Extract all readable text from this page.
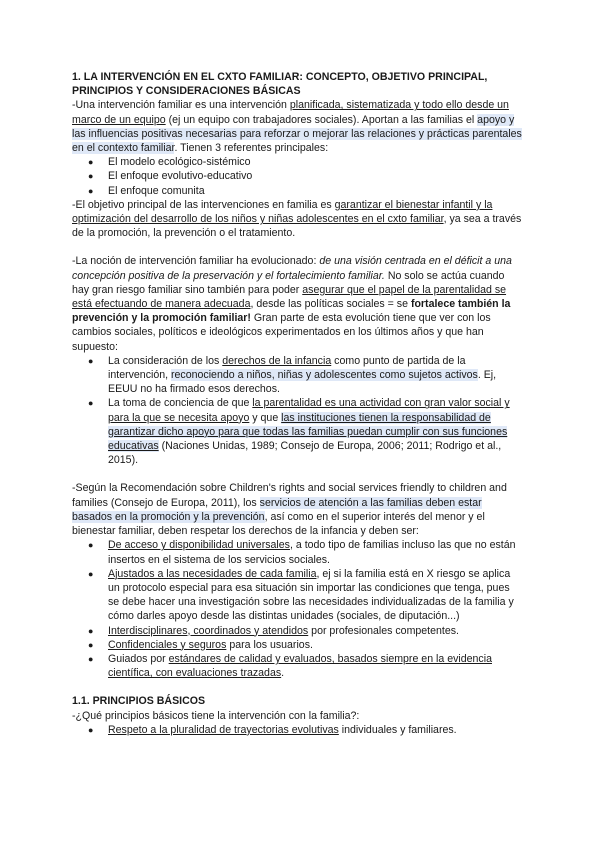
1. LA INTERVENCIÓN EN EL CXTO FAMILIAR: CONCEPTO, OBJETIVO PRINCIPAL,
PRINCIPIOS Y CONSIDERACIONES BÁSICAS

-Una intervención familiar es una intervención planificada, sistematizada y todo ello desde un marco de un equipo (ej un equipo con trabajadores sociales). Aportan a las familias el apoyo y las influencias positivas necesarias para reforzar o mejorar las relaciones y prácticas parentales en el contexto familiar. Tienen 3 referentes principales:

● El modelo ecológico-sistémico
● El enfoque evolutivo-educativo
● El enfoque comunita

-El objetivo principal de las intervenciones en familia es garantizar el bienestar infantil y la optimización del desarrollo de los niños y niñas adolescentes en el cxto familiar, ya sea a través de la promoción, la prevención o el tratamiento.

-La noción de intervención familiar ha evolucionado: de una visión centrada en el déficit a una concepción positiva de la preservación y el fortalecimiento familiar. No solo se actúa cuando hay gran riesgo familiar sino también para poder asegurar que el papel de la parentalidad se está efectuando de manera adecuada, desde las políticas sociales = se fortalece también la prevención y la promoción familiar! Gran parte de esta evolución tiene que ver con los cambios sociales, políticos e ideológicos experimentados en los últimos años y que han supuesto:

● La consideración de los derechos de la infancia como punto de partida de la intervención, reconociendo a niños, niñas y adolescentes como sujetos activos. Ej, EEUU no ha firmado esos derechos.
● La toma de conciencia de que la parentalidad es una actividad con gran valor social y para la que se necesita apoyo y que las instituciones tienen la responsabilidad de garantizar dicho apoyo para que todas las familias puedan cumplir con sus funciones educativas (Naciones Unidas, 1989; Consejo de Europa, 2006; 2011; Rodrigo et al., 2015).

-Según la Recomendación sobre Children's rights and social services friendly to children and families (Consejo de Europa, 2011), los servicios de atención a las familias deben estar basados en la promoción y la prevención, así como en el superior interés del menor y el bienestar familiar, deben respetar los derechos de la infancia y deben ser:

● De acceso y disponibilidad universales, a todo tipo de familias incluso las que no están insertos en el sistema de los servicios sociales.
● Ajustados a las necesidades de cada familia, ej si la familia está en X riesgo se aplica un protocolo especial para esa situación sin importar las condiciones que tenga, pues se debe hacer una investigación sobre las necesidades individualizadas de la familia y cómo darles apoyo desde las distintas unidades (sociales, de diputación...)
● Interdisciplinares, coordinados y atendidos por profesionales competentes.
● Confidenciales y seguros para los usuarios.
● Guiados por estándares de calidad y evaluados, basados siempre en la evidencia científica, con evaluaciones trazadas.

1.1. PRINCIPIOS BÁSICOS

-¿Qué principios básicos tiene la intervención con la familia?:

● Respeto a la pluralidad de trayectorias evolutivas individuales y familiares.
